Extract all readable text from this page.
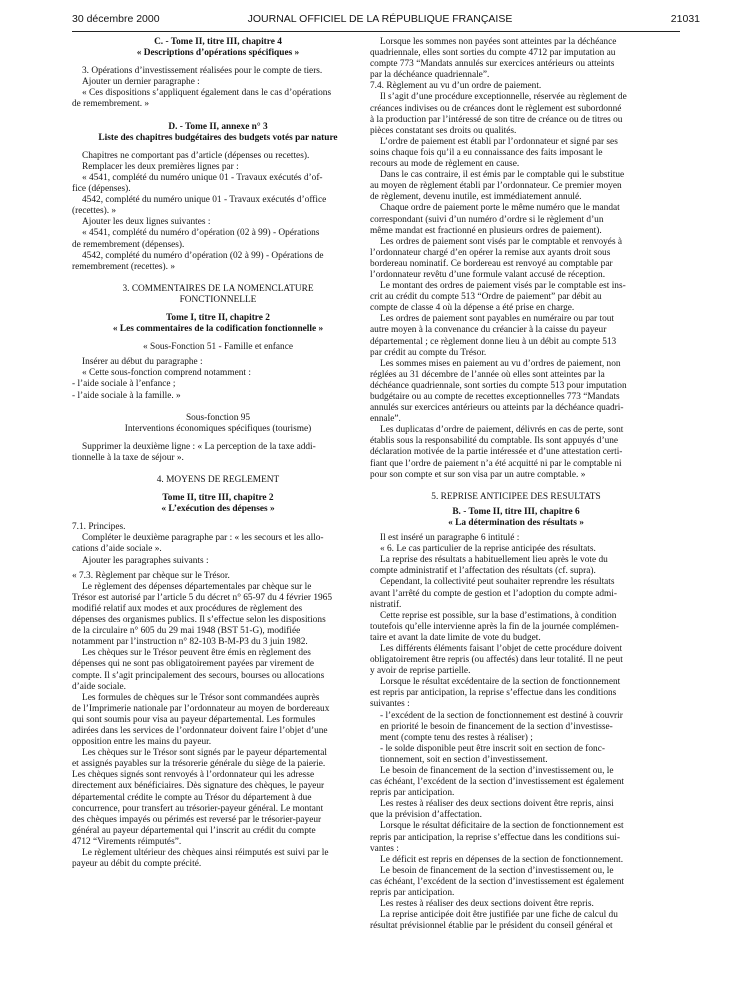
30 décembre 2000	JOURNAL OFFICIEL DE LA RÉPUBLIQUE FRANÇAISE	21031

C. - Tome II, titre III, chapitre 4

« Descriptions d’opérations spécifiques »

3. Opérations d’investissement réalisées pour le compte de tiers.

Ajouter un dernier paragraphe :

« Ces dispositions s’appliquent également dans le cas d’opérations

de remembrement. »

D. - Tome II, annexe n° 3

Liste des chapitres budgétaires des budgets votés par nature

Chapitres ne comportant pas d’article (dépenses ou recettes).

Remplacer les deux premières lignes par :

« 4541, complété du numéro unique 01 - Travaux exécutés d’of-

fice (dépenses).

4542, complété du numéro unique 01 - Travaux exécutés d’office

(recettes). »

Ajouter les deux lignes suivantes :

« 4541, complété du numéro d’opération (02 à 99) - Opérations

de remembrement (dépenses).

4542, complété du numéro d’opération (02 à 99) - Opérations de

remembrement (recettes). »

3. COMMENTAIRES DE LA NOMENCLATURE

FONCTIONNELLE

Tome I, titre II, chapitre 2

« Les commentaires de la codification fonctionnelle »

« Sous-Fonction 51 - Famille et enfance

Insérer au début du paragraphe :

« Cette sous-fonction comprend notamment :

- l’aide sociale à l’enfance ;

- l’aide sociale à la famille. »

Sous-fonction 95

Interventions économiques spécifiques (tourisme)

Supprimer la deuxième ligne : « La perception de la taxe addi-

tionnelle à la taxe de séjour ».

4. MOYENS DE RÈGLEMENT

Tome II, titre III, chapitre 2

« L’exécution des dépenses »

7.1. Principes.

Compléter le deuxième paragraphe par : « les secours et les allo-

cations d’aide sociale ».

Ajouter les paragraphes suivants :

« 7.3. Règlement par chèque sur le Trésor.

Le règlement des dépenses départementales par chèque sur le

Trésor est autorisé par l’article 5 du décret n° 65-97 du 4 février 1965

modifié relatif aux modes et aux procédures de règlement des

dépenses des organismes publics. Il s’effectue selon les dispositions

de la circulaire n° 605 du 29 mai 1948 (BST 51-G), modifiée

notamment par l’instruction n° 82-103 B-M-P3 du 3 juin 1982.

Les chèques sur le Trésor peuvent être émis en règlement des

dépenses qui ne sont pas obligatoirement payées par virement de

compte. Il s’agit principalement des secours, bourses ou allocations

d’aide sociale.

Les formules de chèques sur le Trésor sont commandées auprès

de l’Imprimerie nationale par l’ordonnateur au moyen de bordereaux

qui sont soumis pour visa au payeur départemental. Les formules

adirées dans les services de l’ordonnateur doivent faire l’objet d’une

opposition entre les mains du payeur.

Les chèques sur le Trésor sont signés par le payeur départemental

et assignés payables sur la trésorerie générale du siège de la paierie.

Les chèques signés sont renvoyés à l’ordonnateur qui les adresse

directement aux bénéficiaires. Dès signature des chèques, le payeur

départemental crédite le compte au Trésor du département à due

concurrence, pour transfert au trésorier-payeur général. Le montant

des chèques impayés ou périmés est reversé par le trésorier-payeur

général au payeur départemental qui l’inscrit au crédit du compte

4712 “Virements réimputés”.

Le règlement ultérieur des chèques ainsi réimputés est suivi par le

payeur au débit du compte précité.

Lorsque les sommes non payées sont atteintes par la déchéance

quadriennale, elles sont sorties du compte 4712 par imputation au

compte 773 “Mandats annulés sur exercices antérieurs ou atteints

par la déchéance quadriennale”.

7.4. Règlement au vu d’un ordre de paiement.

Il s’agit d’une procédure exceptionnelle, réservée au règlement de

créances indivises ou de créances dont le règlement est subordonné

à la production par l’intéressé de son titre de créance ou de titres ou

pièces constatant ses droits ou qualités.

L’ordre de paiement est établi par l’ordonnateur et signé par ses

soins chaque fois qu’il a eu connaissance des faits imposant le

recours au mode de règlement en cause.

Dans le cas contraire, il est émis par le comptable qui le substitue

au moyen de règlement établi par l’ordonnateur. Ce premier moyen

de règlement, devenu inutile, est immédiatement annulé.

Chaque ordre de paiement porte le même numéro que le mandat

correspondant (suivi d’un numéro d’ordre si le règlement d’un

même mandat est fractionné en plusieurs ordres de paiement).

Les ordres de paiement sont visés par le comptable et renvoyés à

l’ordonnateur chargé d’en opérer la remise aux ayants droit sous

bordereau nominatif. Ce bordereau est renvoyé au comptable par

l’ordonnateur revêtu d’une formule valant accusé de réception.

Le montant des ordres de paiement visés par le comptable est ins-

crit au crédit du compte 513 “Ordre de paiement” par débit au

compte de classe 4 où la dépense a été prise en charge.

Les ordres de paiement sont payables en numéraire ou par tout

autre moyen à la convenance du créancier à la caisse du payeur

départemental ; ce règlement donne lieu à un débit au compte 513

par crédit au compte du Trésor.

Les sommes mises en paiement au vu d’ordres de paiement, non

réglées au 31 décembre de l’année où elles sont atteintes par la

déchéance quadriennale, sont sorties du compte 513 pour imputation

budgétaire ou au compte de recettes exceptionnelles 773 “Mandats

annulés sur exercices antérieurs ou atteints par la déchéance quadri-

ennale”.

Les duplicatas d’ordre de paiement, délivrés en cas de perte, sont

établis sous la responsabilité du comptable. Ils sont appuyés d’une

déclaration motivée de la partie intéressée et d’une attestation certi-

fiant que l’ordre de paiement n’a été acquitté ni par le comptable ni

pour son compte et sur son visa par un autre comptable. »

5. REPRISE ANTICIPÉE DES RÉSULTATS

B. - Tome II, titre III, chapitre 6

« La détermination des résultats »

Il est inséré un paragraphe 6 intitulé :

« 6. Le cas particulier de la reprise anticipée des résultats.

La reprise des résultats a habituellement lieu après le vote du

compte administratif et l’affectation des résultats (cf. supra).

Cependant, la collectivité peut souhaiter reprendre les résultats

avant l’arrêté du compte de gestion et l’adoption du compte admi-

nistratif.

Cette reprise est possible, sur la base d’estimations, à condition

toutefois qu’elle intervienne après la fin de la journée complémen-

taire et avant la date limite de vote du budget.

Les différents éléments faisant l’objet de cette procédure doivent

obligatoirement être repris (ou affectés) dans leur totalité. Il ne peut

y avoir de reprise partielle.

Lorsque le résultat excédentaire de la section de fonctionnement

est repris par anticipation, la reprise s’effectue dans les conditions

suivantes :

- l’excédent de la section de fonctionnement est destiné à couvrir

en priorité le besoin de financement de la section d’investisse-

ment (compte tenu des restes à réaliser) ;

- le solde disponible peut être inscrit soit en section de fonc-

tionnement, soit en section d’investissement.

Le besoin de financement de la section d’investissement ou, le

cas échéant, l’excédent de la section d’investissement est également

repris par anticipation.

Les restes à réaliser des deux sections doivent être repris, ainsi

que la prévision d’affectation.

Lorsque le résultat déficitaire de la section de fonctionnement est

repris par anticipation, la reprise s’effectue dans les conditions sui-

vantes :

Le déficit est repris en dépenses de la section de fonctionnement.

Le besoin de financement de la section d’investissement ou, le

cas échéant, l’excédent de la section d’investissement est également

repris par anticipation.

Les restes à réaliser des deux sections doivent être repris.

La reprise anticipée doit être justifiée par une fiche de calcul du

résultat prévisionnel établie par le président du conseil général et
